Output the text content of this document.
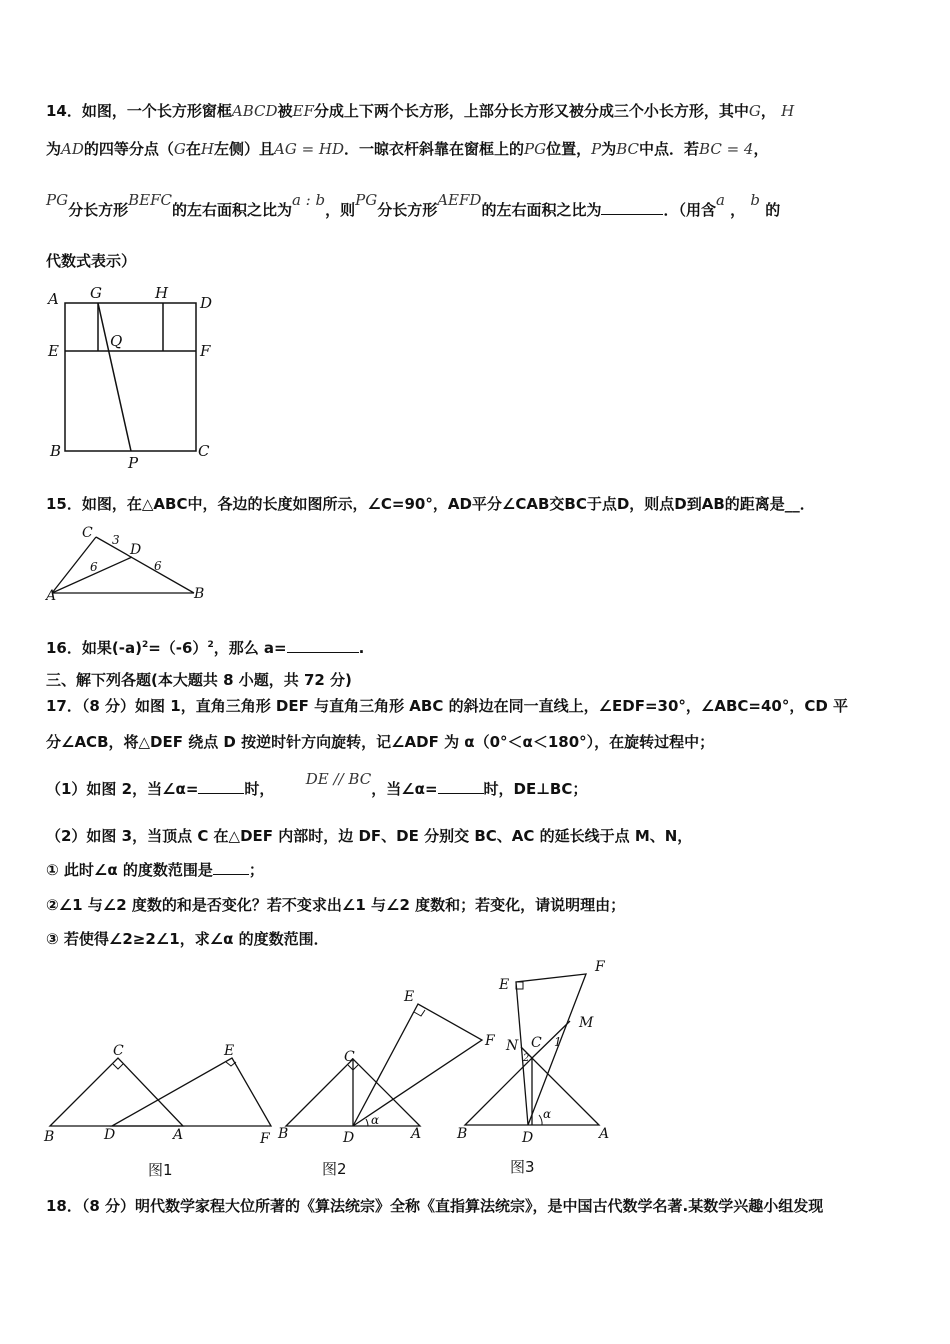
14．如图，一个长方形窗框ABCD被EF分成上下两个长方形，上部分长方形又被分成三个小长方形，其中G， H
为AD的四等分点（G在H左侧）且AG = HD．一晾衣杆斜靠在窗框上的PG位置，P为BC中点．若BC = 4，
PG分长方形BEFC的左右面积之比为a : b，则PG分长方形AEFD的左右面积之比为	．（用含a ， b 的
代数式表示）
A G	H
D
E
Q
F
B
P
C
15．如图，在△ABC中，各边的长度如图所示，∠C=90°，AD平分∠CAB交BC于点D，则点D到AB的距离是__．
C 3
D
6	6
A	B
16．如果$(-a)^2=(-6)^2$，那么 a=	.
三、解下列各题(本大题共 8 小题，共 72 分)
17．（8 分）如图 1，直角三角形 DEF 与直角三角形 ABC 的斜边在同一直线上，∠EDF=30°，∠ABC=40°，CD 平
分∠ACB，将△DEF 绕点 D 按逆时针方向旋转，记∠ADF 为 α（0°＜α＜180°），在旋转过程中；
（1）如图 2，当∠α=	时，      DE // BC，当∠α=	时，DE⊥BC；
（2）如图 3，当顶点 C 在△DEF 内部时，边 DF、DE 分别交 BC、AC 的延长线于点 M、N，
① 此时∠α 的度数范围是 ；
②∠1 与∠2 度数的和是否变化？若不变求出∠1 与∠2 度数和；若变化，请说明理由；
③ 若使得∠2≥2∠1，求∠α 的度数范围．
C	E
B	D	A	F
图1
E
C
F
α
B	D	A
图2
F
E
M
N C 1
2
α
B	D	A
图3
18．（8 分）明代数学家程大位所著的《算法统宗》全称《直指算法统宗》，是中国古代数学名著.某数学兴趣小组发现
